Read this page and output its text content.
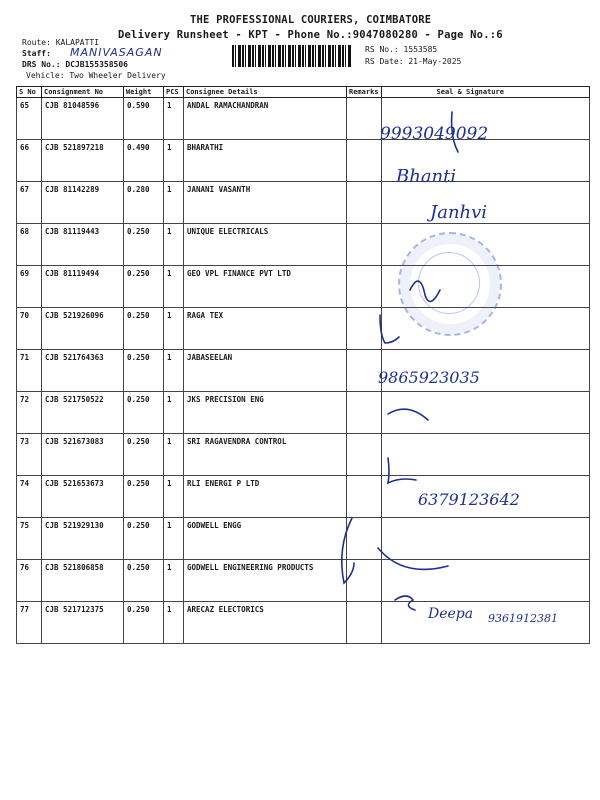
THE PROFESSIONAL COURIERS, COIMBATORE
Delivery Runsheet - KPT - Phone No.:9047080280 - Page No.:6
Route: KALAPATTI
Staff: MANIVASAGAN
DRS No.: DCJB155358506
Vehicle: Two Wheeler Delivery
RS No.: 1553585
RS Date: 21-May-2025
S No	Consignment No	Weight	PCS	Consignee Details	Remarks	Seal & Signature
65	CJB 81048596	0.590	1	ANDAL RAMACHANDRAN		
66	CJB 521897218	0.490	1	BHARATHI		
67	CJB 81142289	0.280	1	JANANI VASANTH		
68	CJB 81119443	0.250	1	UNIQUE ELECTRICALS		
69	CJB 81119494	0.250	1	GEO VPL FINANCE PVT LTD		
70	CJB 521926096	0.250	1	RAGA TEX		
71	CJB 521764363	0.250	1	JABASEELAN		
72	CJB 521750522	0.250	1	JKS PRECISION ENG		
73	CJB 521673083	0.250	1	SRI RAGAVENDRA CONTROL		
74	CJB 521653673	0.250	1	RLI ENERGI P LTD		
75	CJB 521929130	0.250	1	GODWELL ENGG		
76	CJB 521806858	0.250	1	GODWELL ENGINEERING PRODUCTS		
77	CJB 521712375	0.250	1	ARECAZ ELECTORICS		
9993049092
Bhanti
Janhvi
9865923035
6379123642
Deepa 9361912381
